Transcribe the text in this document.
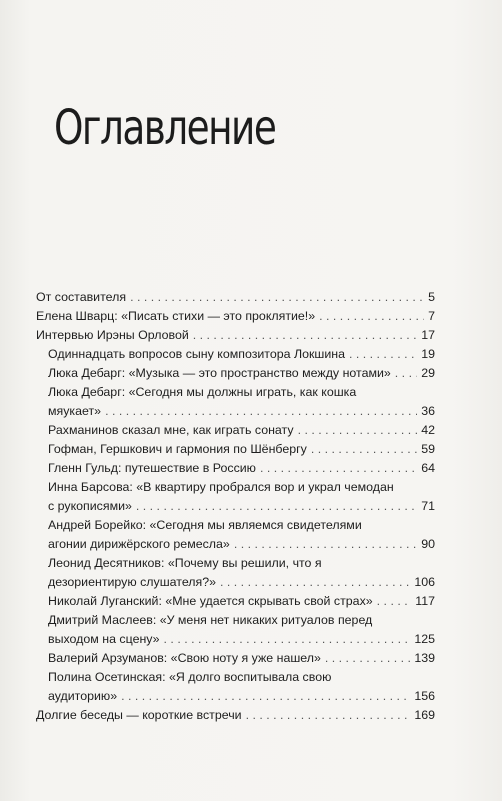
Оглавление
От составителя . . .	5
Елена Шварц: «Писать стихи — это проклятие!» . . .	7
Интервью Ирэны Орловой . . .	17
Одиннадцать вопросов сыну композитора Локшина . . .	19
Люка Дебарг: «Музыка — это пространство между нотами» . . . 29
Люка Дебарг: «Сегодня мы должны играть, как кошка
мяукает» . . .	36
Рахманинов сказал мне, как играть сонату . . .	42
Гофман, Гершкович и гармония по Шёнбергу . . .	59
Гленн Гульд: путешествие в Россию . . .	64
Инна Барсова: «В квартиру пробрался вор и украл чемодан
с рукописями» . . .	71
Андрей Борейко: «Сегодня мы являемся свидетелями
агонии дирижёрского ремесла» . . .	90
Леонид Десятников: «Почему вы решили, что я
дезориентирую слушателя?» . . .	106
Николай Луганский: «Мне удается скрывать свой страх» . . .	117
Дмитрий Маслеев: «У меня нет никаких ритуалов перед
выходом на сцену» . . .	125
Валерий Арзуманов: «Свою ноту я уже нашел» . . .	139
Полина Осетинская: «Я долго воспитывала свою
аудиторию» . . .	156
Долгие беседы — короткие встречи . . .	169
